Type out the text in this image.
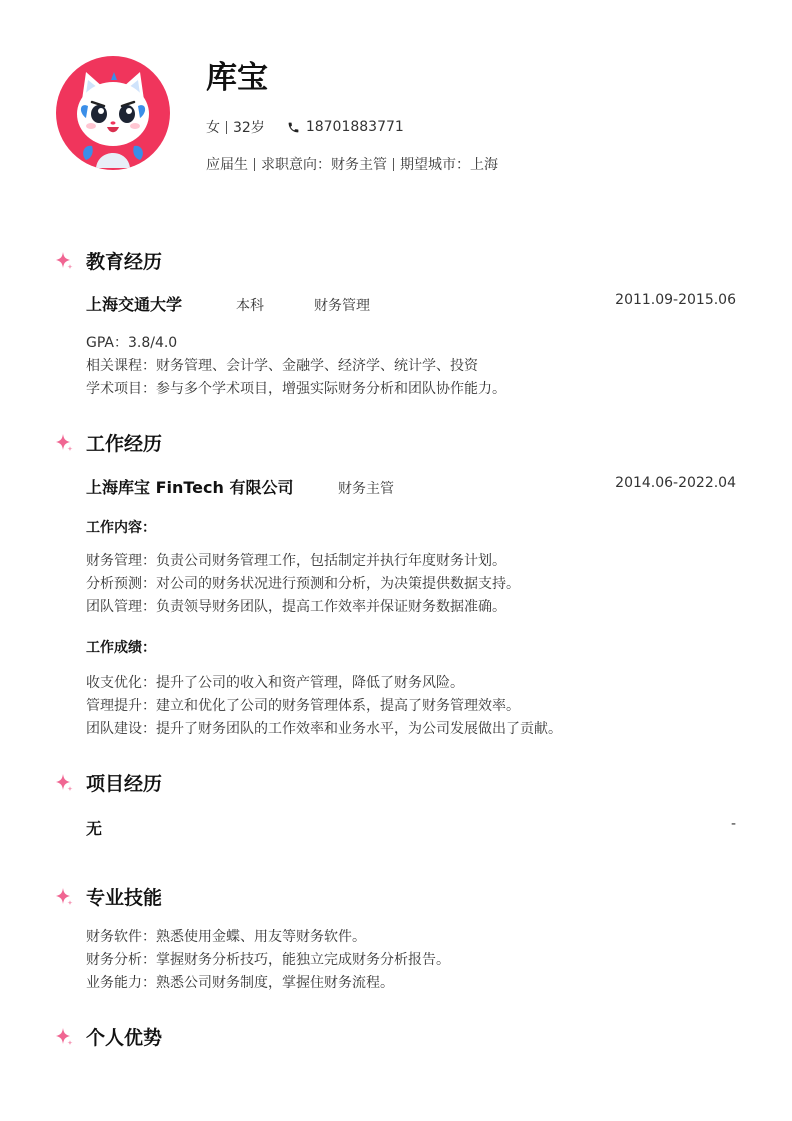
库宝
女 32岁	18701883771
应届生 求职意向：财务主管 期望城市：上海
教育经历
上海交通大学	本科	财务管理	2011.09-2015.06

GPA：3.8/4.0

相关课程：财务管理、会计学、金融学、经济学、统计学、投资

学术项目：参与多个学术项目，增强实际财务分析和团队协作能力。

工作经历
上海库宝 FinTech 有限公司	财务主管	2014.06-2022.04
工作内容：

财务管理：负责公司财务管理工作，包括制定并执行年度财务计划。

分析预测：对公司的财务状况进行预测和分析，为决策提供数据支持。

团队管理：负责领导财务团队，提高工作效率并保证财务数据准确。

工作成绩：

收支优化：提升了公司的收入和资产管理，降低了财务风险。

管理提升：建立和优化了公司的财务管理体系，提高了财务管理效率。

团队建设：提升了财务团队的工作效率和业务水平，为公司发展做出了贡献。

项目经历
无	-
专业技能

财务软件：熟悉使用金蝶、用友等财务软件。

财务分析：掌握财务分析技巧，能独立完成财务分析报告。

业务能力：熟悉公司财务制度，掌握住财务流程。

个人优势
